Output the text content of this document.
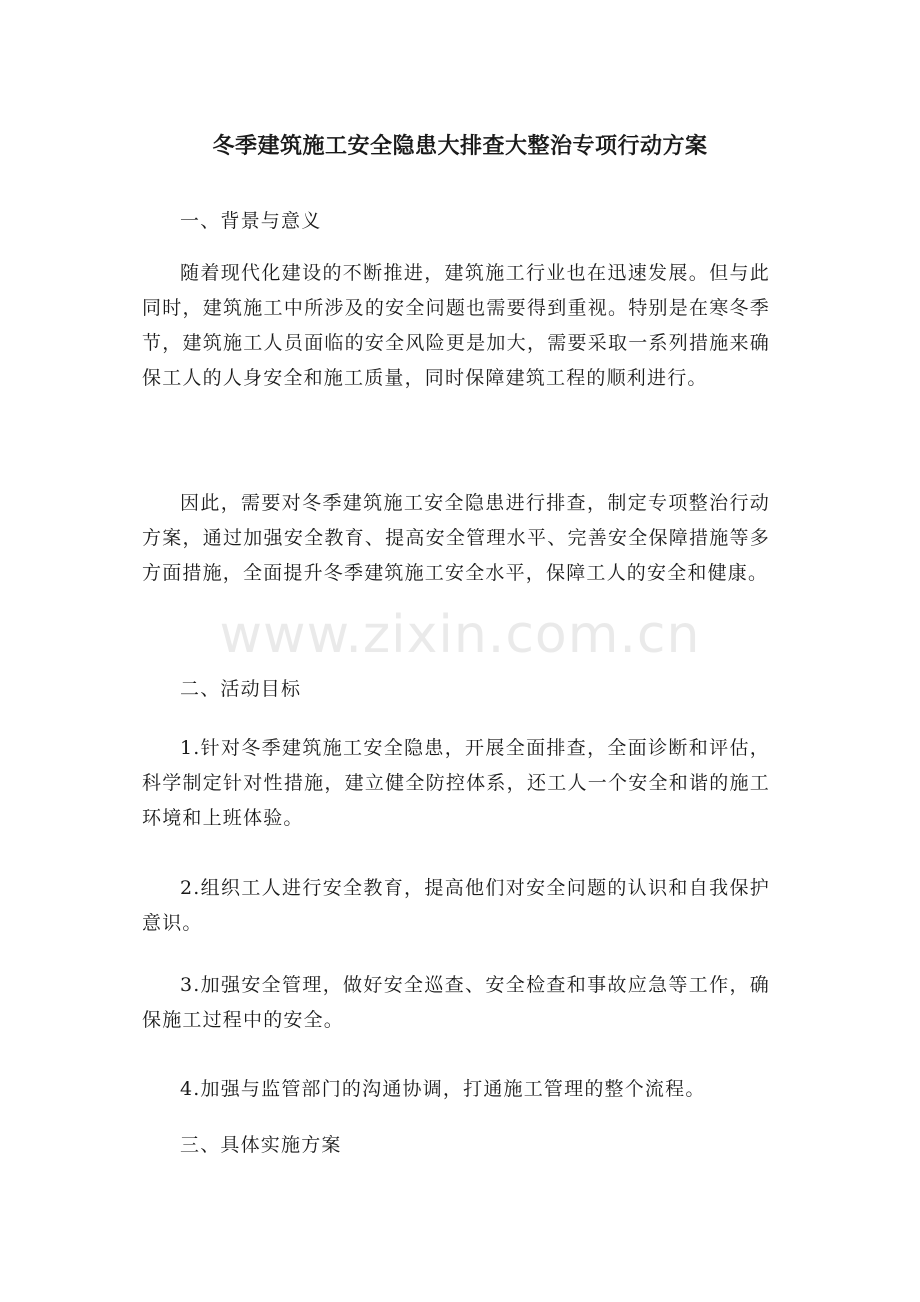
冬季建筑施工安全隐患大排查大整治专项行动方案

一、背景与意义

随着现代化建设的不断推进，建筑施工行业也在迅速发展。但与此同时，建筑施工中所涉及的安全问题也需要得到重视。特别是在寒冬季节，建筑施工人员面临的安全风险更是加大，需要采取一系列措施来确保工人的人身安全和施工质量，同时保障建筑工程的顺利进行。

因此，需要对冬季建筑施工安全隐患进行排查，制定专项整治行动方案，通过加强安全教育、提高安全管理水平、完善安全保障措施等多方面措施，全面提升冬季建筑施工安全水平，保障工人的安全和健康。

二、活动目标

1.针对冬季建筑施工安全隐患，开展全面排查，全面诊断和评估，科学制定针对性措施，建立健全防控体系，还工人一个安全和谐的施工环境和上班体验。

2.组织工人进行安全教育，提高他们对安全问题的认识和自我保护意识。

3.加强安全管理，做好安全巡查、安全检查和事故应急等工作，确保施工过程中的安全。

4.加强与监管部门的沟通协调，打通施工管理的整个流程。

三、具体实施方案

www.zixin.com.cn
